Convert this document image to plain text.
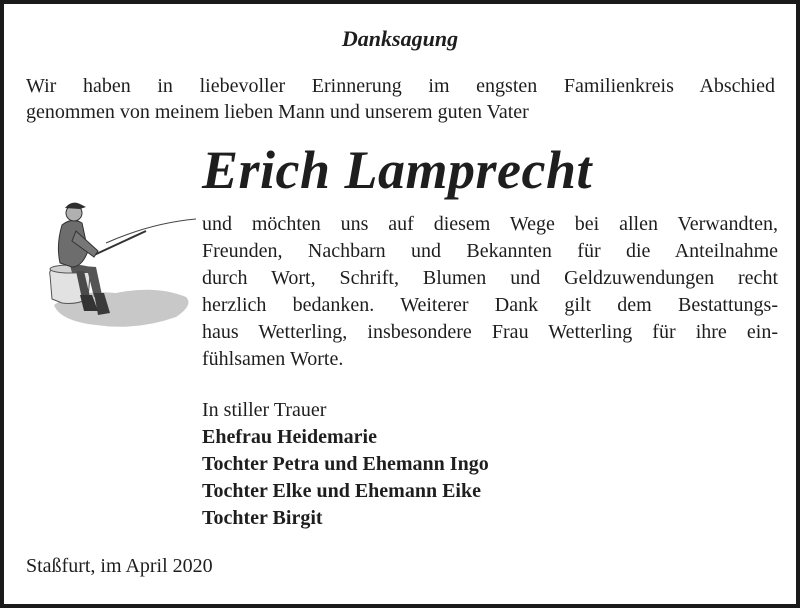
Danksagung
Wir haben in liebevoller Erinnerung im engsten Familienkreis Abschied
genommen von meinem lieben Mann und unserem guten Vater
Erich Lamprecht
und möchten uns auf diesem Wege bei allen Verwandten,
Freunden, Nachbarn und Bekannten für die Anteilnahme
durch Wort, Schrift, Blumen und Geldzuwendungen recht
herzlich bedanken. Weiterer Dank gilt dem Bestattungs-
haus Wetterling, insbesondere Frau Wetterling für ihre ein-
fühlsamen Worte.
In stiller Trauer
Ehefrau Heidemarie
Tochter Petra und Ehemann Ingo
Tochter Elke und Ehemann Eike
Tochter Birgit
Staßfurt, im April 2020
